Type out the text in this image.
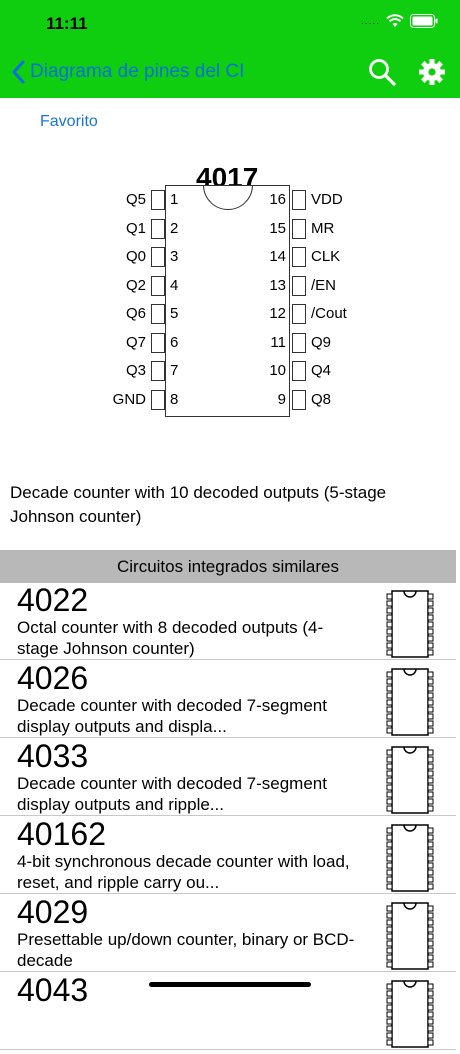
11:11	.....
Diagrama de pines del CI
Favorito
4017
Q5 1
Q1 2
Q0 3
Q2 4
Q6 5
Q7 6
Q3 7
GND 8
VDD
16
MR
15
CLK
14
/EN
13
/Cout
12
Q9
11
Q4
10
Q8
9
Decade counter with 10 decoded outputs (5-stage Johnson counter)
Circuitos integrados similares
4022
Octal counter with 8 decoded outputs (4-stage Johnson counter)
4026
Decade counter with decoded 7-segment display outputs and displa...
4033
Decade counter with decoded 7-segment display outputs and ripple...
40162
4-bit synchronous decade counter with load, reset, and ripple carry ou...
4029
Presettable up/down counter, binary or BCD-decade
4043
